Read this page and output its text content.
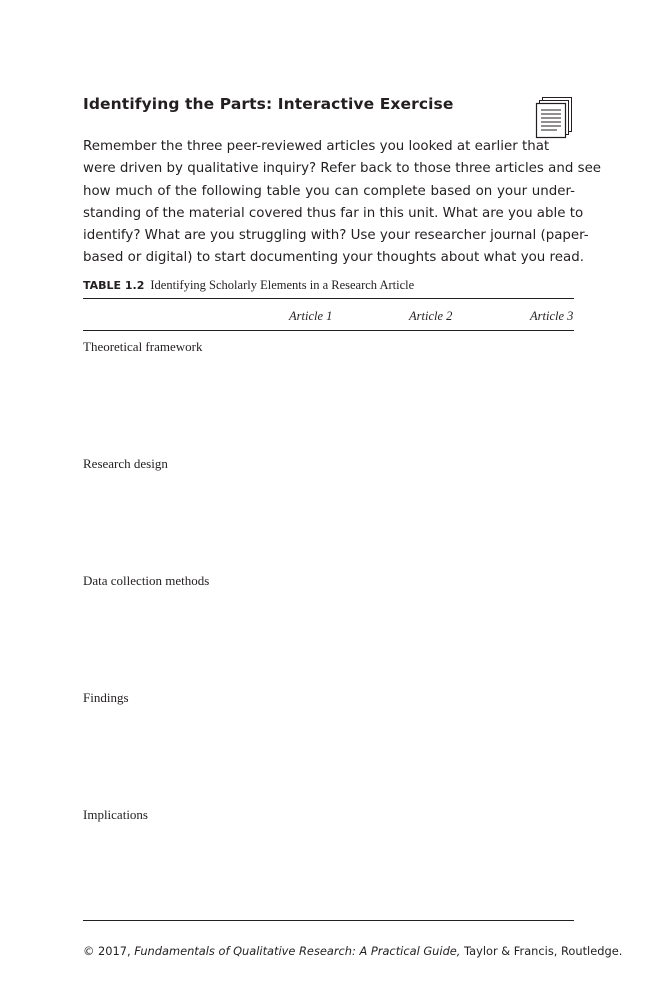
Identifying the Parts: Interactive Exercise
Remember the three peer-reviewed articles you looked at earlier that
were driven by qualitative inquiry? Refer back to those three articles and see
how much of the following table you can complete based on your under-
standing of the material covered thus far in this unit. What are you able to
identify? What are you struggling with? Use your researcher journal (paper-
based or digital) to start documenting your thoughts about what you read.
TABLE 1.2 Identifying Scholarly Elements in a Research Article
Article 1	Article 2	Article 3
Theoretical framework
Research design
Data collection methods
Findings
Implications
© 2017, Fundamentals of Qualitative Research: A Practical Guide, Taylor & Francis, Routledge.
